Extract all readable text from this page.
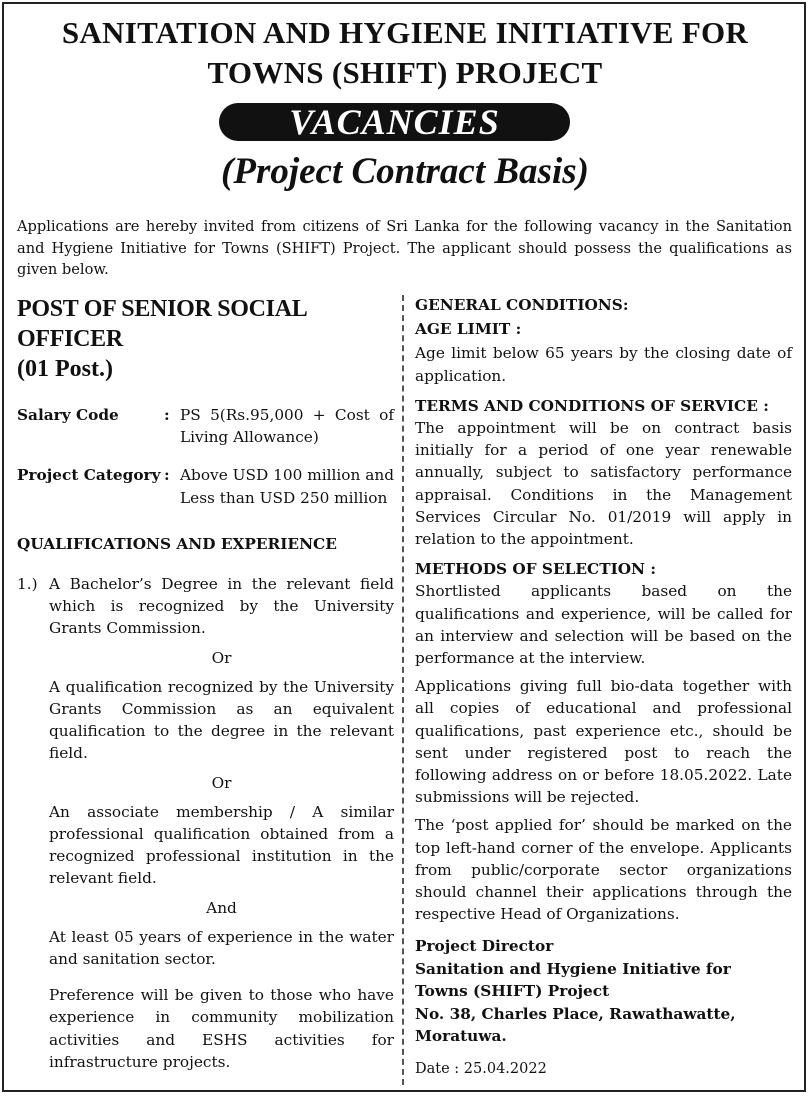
SANITATION AND HYGIENE INITIATIVE FOR
TOWNS (SHIFT) PROJECT
VACANCIES
(Project Contract Basis)
Applications are hereby invited from citizens of Sri Lanka for the following vacancy in the Sanitation and Hygiene Initiative for Towns (SHIFT) Project. The applicant should possess the qualifications as given below.
POST OF SENIOR SOCIAL OFFICER
(01 Post.)
Salary Code	: PS 5(Rs.95,000 + Cost of Living Allowance)
Project Category : Above USD 100 million and Less than USD 250 million
QUALIFICATIONS AND EXPERIENCE
1.) A Bachelor’s Degree in the relevant field which is recognized by the University Grants Commission.

Or

A qualification recognized by the University Grants Commission as an equivalent qualification to the degree in the relevant field.

Or

An associate membership / A similar professional qualification obtained from a recognized professional institution in the relevant field.

And

At least 05 years of experience in the water and sanitation sector.

Preference will be given to those who have experience in community mobilization activities and ESHS activities for infrastructure projects.

GENERAL CONDITIONS:

AGE LIMIT :

Age limit below 65 years by the closing date of application.

TERMS AND CONDITIONS OF SERVICE :

The appointment will be on contract basis initially for a period of one year renewable annually, subject to satisfactory performance appraisal. Conditions in the Management Services Circular No. 01/2019 will apply in relation to the appointment.

METHODS OF SELECTION :

Shortlisted applicants based on the qualifications and experience, will be called for an interview and selection will be based on the performance at the interview.

Applications giving full bio-data together with all copies of educational and professional qualifications, past experience etc., should be sent under registered post to reach the following address on or before 18.05.2022. Late submissions will be rejected.

The ‘post applied for’ should be marked on the top left-hand corner of the envelope. Applicants from public/corporate sector organizations should channel their applications through the respective Head of Organizations.

Project Director
Sanitation and Hygiene Initiative for
Towns (SHIFT) Project
No. 38, Charles Place, Rawathawatte,
Moratuwa.
Date : 25.04.2022
